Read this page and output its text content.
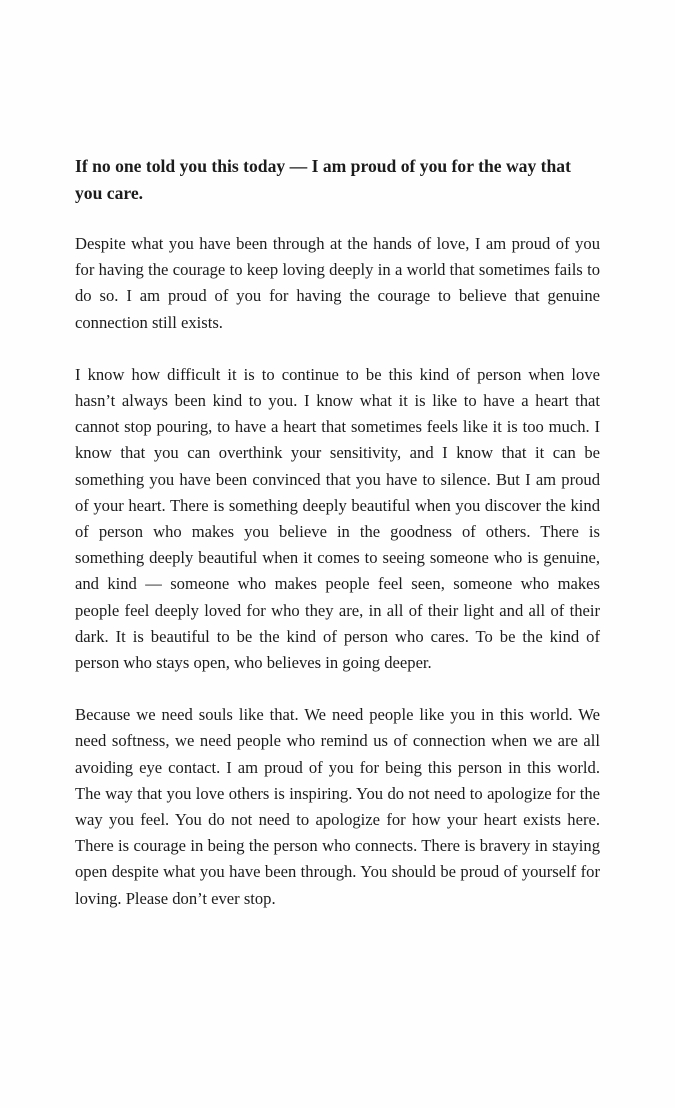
If no one told you this today — I am proud of you for the way that you care.

Despite what you have been through at the hands of love, I am proud of you for having the courage to keep loving deeply in a world that sometimes fails to do so. I am proud of you for having the courage to believe that genuine connection still exists.

I know how difficult it is to continue to be this kind of person when love hasn’t always been kind to you. I know what it is like to have a heart that cannot stop pouring, to have a heart that sometimes feels like it is too much. I know that you can overthink your sensitivity, and I know that it can be something you have been convinced that you have to silence. But I am proud of your heart. There is something deeply beautiful when you discover the kind of person who makes you believe in the goodness of others. There is something deeply beautiful when it comes to seeing someone who is genuine, and kind — someone who makes people feel seen, someone who makes people feel deeply loved for who they are, in all of their light and all of their dark. It is beautiful to be the kind of person who cares. To be the kind of person who stays open, who believes in going deeper.

Because we need souls like that. We need people like you in this world. We need softness, we need people who remind us of connection when we are all avoiding eye contact. I am proud of you for being this person in this world. The way that you love others is inspiring. You do not need to apologize for the way you feel. You do not need to apologize for how your heart exists here. There is courage in being the person who connects. There is bravery in staying open despite what you have been through. You should be proud of yourself for loving. Please don’t ever stop.
